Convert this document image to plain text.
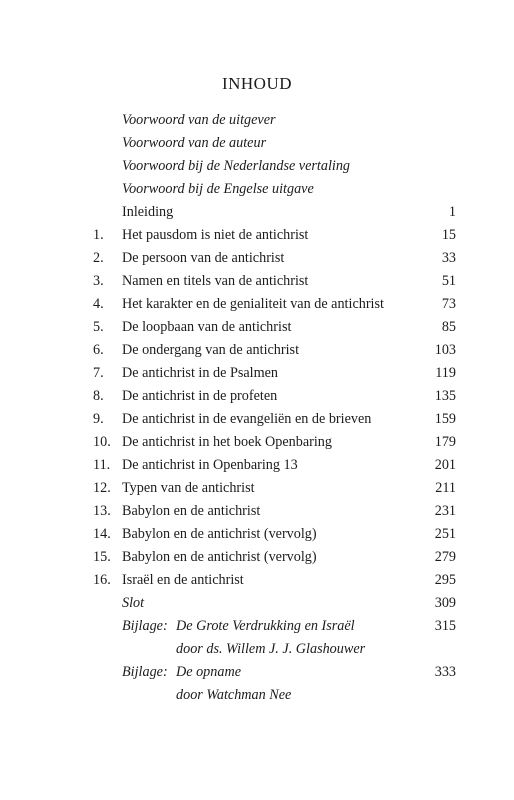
INHOUD
Voorwoord van de uitgever
Voorwoord van de auteur
Voorwoord bij de Nederlandse vertaling
Voorwoord bij de Engelse uitgave
Inleiding	1
1. Het pausdom is niet de antichrist	15
2. De persoon van de antichrist	33
3. Namen en titels van de antichrist	51
4. Het karakter en de genialiteit van de antichrist	73
5. De loopbaan van de antichrist	85
6. De ondergang van de antichrist	103
7. De antichrist in de Psalmen	119
8. De antichrist in de profeten	135
9. De antichrist in de evangeliën en de brieven	159
10. De antichrist in het boek Openbaring	179
11. De antichrist in Openbaring 13	201
12. Typen van de antichrist	211
13. Babylon en de antichrist	231
14. Babylon en de antichrist (vervolg)	251
15. Babylon en de antichrist (vervolg)	279
16. Israël en de antichrist	295
Slot	309
Bijlage: De Grote Verdrukking en Israël	315
door ds. Willem J. J. Glashouwer
Bijlage: De opname	333
door Watchman Nee
